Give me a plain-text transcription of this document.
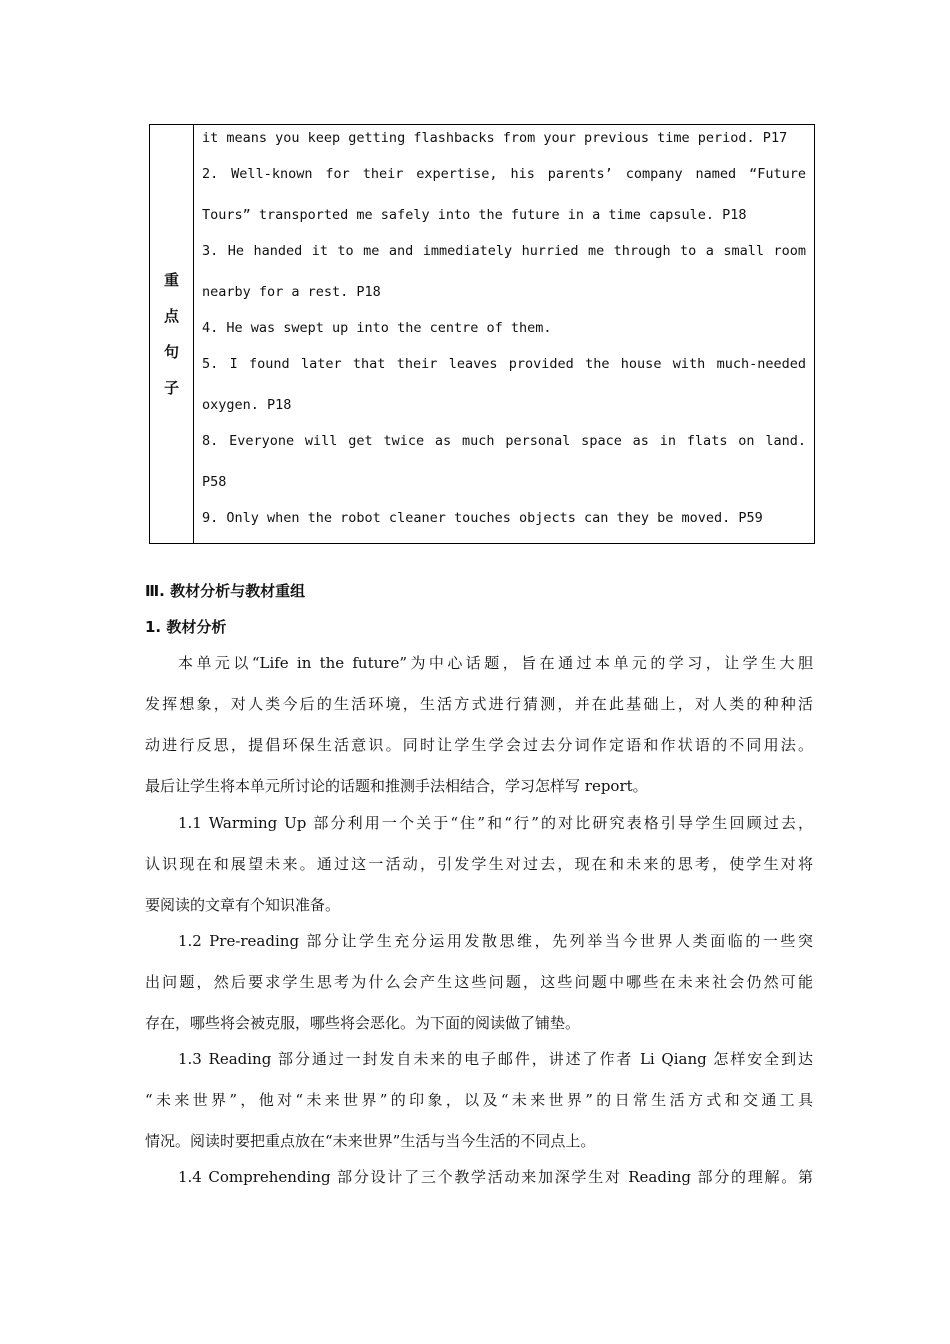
重
点
句
子
it means you keep getting flashbacks from your previous time period. P17
2. Well-known for their expertise, his parents’ company named “Future
Tours” transported me safely into the future in a time capsule. P18
3. He handed it to me and immediately hurried me through to a small room
nearby for a rest. P18
4. He was swept up into the centre of them.
5. I found later that their leaves provided the house with much-needed
oxygen. P18
8. Everyone will get twice as much personal space as in flats on land.
P58
9. Only when the robot cleaner touches objects can they be moved. P59
Ⅲ. 教材分析与教材重组
1. 教材分析
本单元以“Life in the future”为中心话题，旨在通过本单元的学习，让学生大胆
发挥想象，对人类今后的生活环境，生活方式进行猜测，并在此基础上，对人类的种种活
动进行反思，提倡环保生活意识。同时让学生学会过去分词作定语和作状语的不同用法。
最后让学生将本单元所讨论的话题和推测手法相结合，学习怎样写 report。
1.1 Warming Up 部分利用一个关于“住”和“行”的对比研究表格引导学生回顾过去，
认识现在和展望未来。通过这一活动，引发学生对过去，现在和未来的思考，使学生对将
要阅读的文章有个知识准备。
1.2 Pre-reading 部分让学生充分运用发散思维，先列举当今世界人类面临的一些突
出问题，然后要求学生思考为什么会产生这些问题，这些问题中哪些在未来社会仍然可能
存在，哪些将会被克服，哪些将会恶化。为下面的阅读做了铺垫。
1.3 Reading 部分通过一封发自未来的电子邮件，讲述了作者 Li Qiang 怎样安全到达
“未来世界”，他对“未来世界”的印象，以及“未来世界”的日常生活方式和交通工具
情况。阅读时要把重点放在“未来世界”生活与当今生活的不同点上。
1.4 Comprehending 部分设计了三个教学活动来加深学生对 Reading 部分的理解。第
